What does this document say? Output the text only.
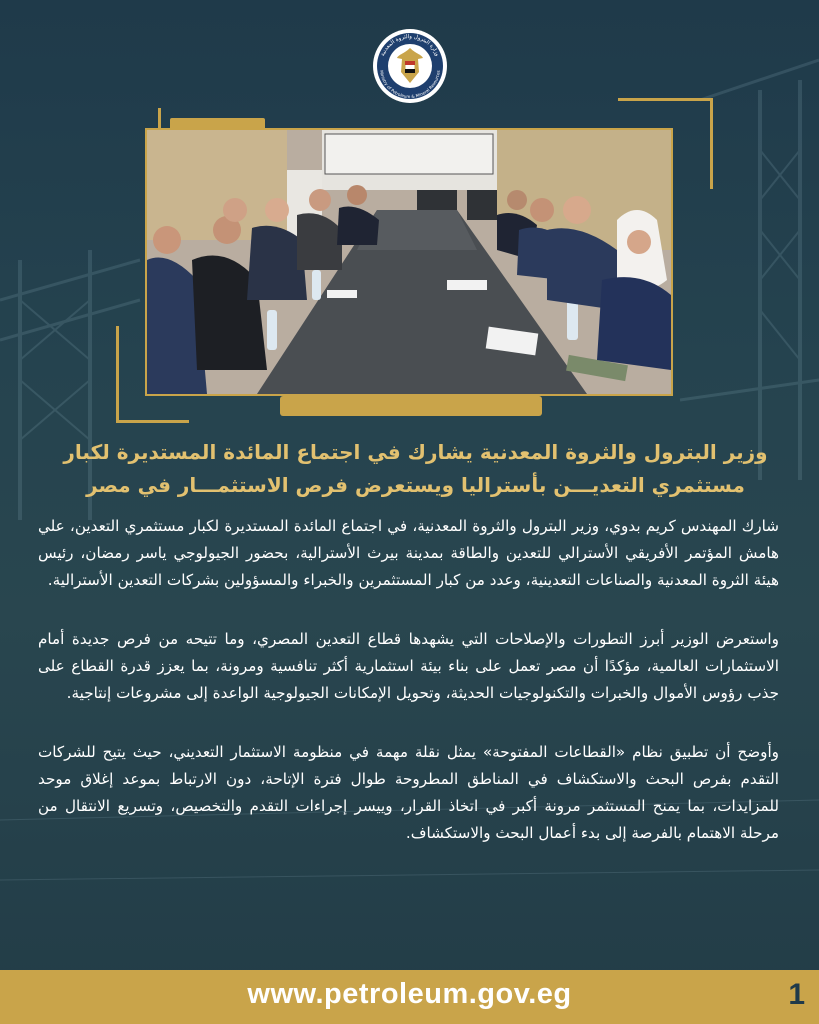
وزير البترول والثروة المعدنية يشارك في اجتماع المائدة المستديرة لكبار
مستثمري التعديـــن بأستراليا ويستعرض فرص الاستثمـــار في مصر

شارك المهندس كريم بدوي، وزير البترول والثروة المعدنية، في اجتماع المائدة المستديرة لكبار مستثمري التعدين، علي هامش المؤتمر الأفريقي الأسترالي للتعدين والطاقة بمدينة بيرث الأسترالية، بحضور الجيولوجي ياسر رمضان، رئيس هيئة الثروة المعدنية والصناعات التعدينية، وعدد من كبار المستثمرين والخبراء والمسؤولين بشركات التعدين الأسترالية.

واستعرض الوزير أبرز التطورات والإصلاحات التي يشهدها قطاع التعدين المصري، وما تتيحه من فرص جديدة أمام الاستثمارات العالمية، مؤكدًا أن مصر تعمل على بناء بيئة استثمارية أكثر تنافسية ومرونة، بما يعزز قدرة القطاع على جذب رؤوس الأموال والخبرات والتكنولوجيات الحديثة، وتحويل الإمكانات الجيولوجية الواعدة إلى مشروعات إنتاجية.

وأوضح أن تطبيق نظام «القطاعات المفتوحة» يمثل نقلة مهمة في منظومة الاستثمار التعديني، حيث يتيح للشركات التقدم بفرص البحث والاستكشاف في المناطق المطروحة طوال فترة الإتاحة، دون الارتباط بموعد إغلاق موحد للمزايدات، بما يمنح المستثمر مرونة أكبر في اتخاذ القرار، وييسر إجراءات التقدم والتخصيص، وتسريع الانتقال من مرحلة الاهتمام بالفرصة إلى بدء أعمال البحث والاستكشاف.

www.petroleum.gov.eg	1
وزارة البترول والثروة المعدنية
Ministry of Petroleum & Mineral Resources
